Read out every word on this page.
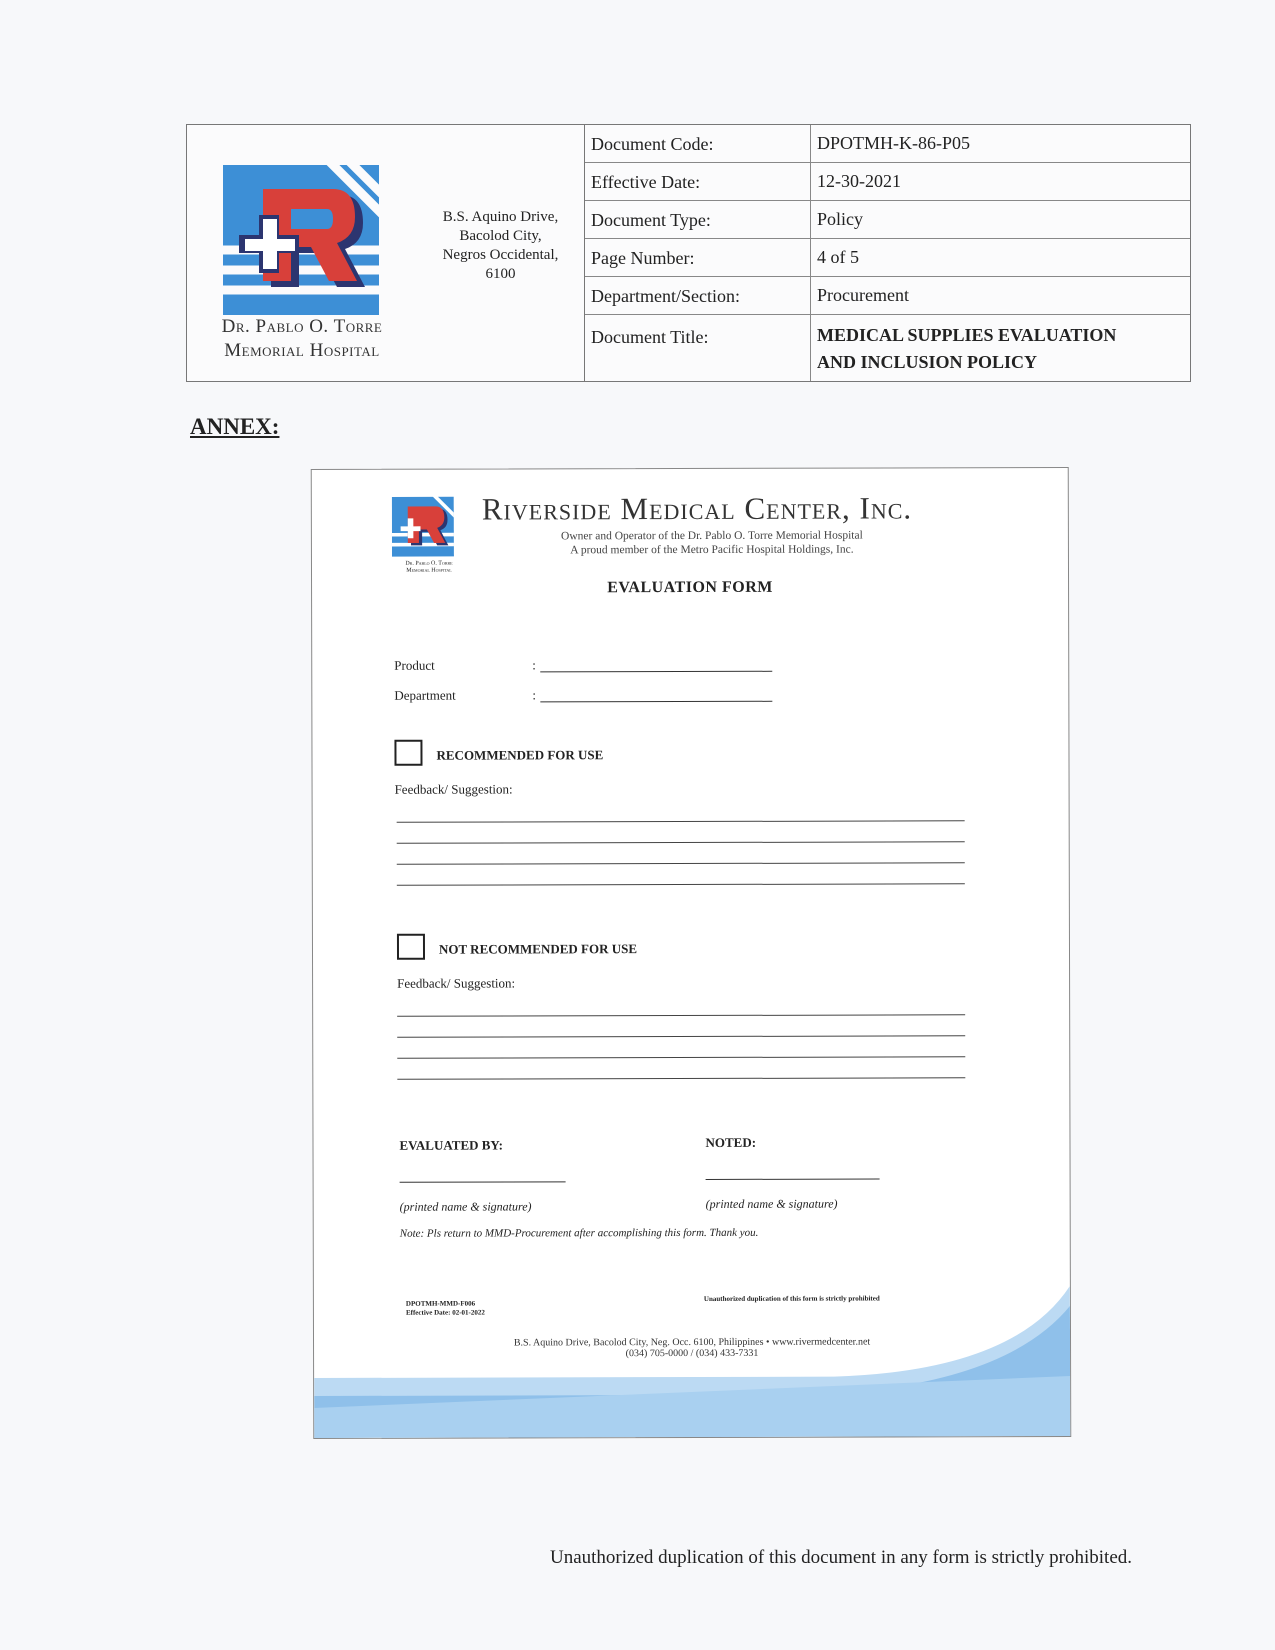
Dr. Pablo O. Torre
Memorial Hospital
B.S. Aquino Drive,
Bacolod City,
Negros Occidental,
6100
Document Code:	DPOTMH-K-86-P05
Effective Date:	12-30-2021
Document Type:	Policy
Page Number:	4 of 5
Department/Section:	Procurement
Document Title:	MEDICAL SUPPLIES EVALUATION
AND INCLUSION POLICY
ANNEX:
Dr. Pablo O. Torre
Memorial Hospital
Riverside Medical Center, Inc.
Owner and Operator of the Dr. Pablo O. Torre Memorial Hospital
A proud member of the Metro Pacific Hospital Holdings, Inc.
EVALUATION FORM
Product	:
Department	:
RECOMMENDED FOR USE
Feedback/ Suggestion:
NOT RECOMMENDED FOR USE
Feedback/ Suggestion:
EVALUATED BY:	NOTED:
(printed name & signature)	(printed name & signature)
Note: Pls return to MMD-Procurement after accomplishing this form. Thank you.
DPOTMH-MMD-F006
Effective Date: 02-01-2022
Unauthorized duplication of this form is strictly prohibited
B.S. Aquino Drive, Bacolod City, Neg. Occ. 6100, Philippines • www.rivermedcenter.net
(034) 705-0000 / (034) 433-7331
Unauthorized duplication of this document in any form is strictly prohibited.
